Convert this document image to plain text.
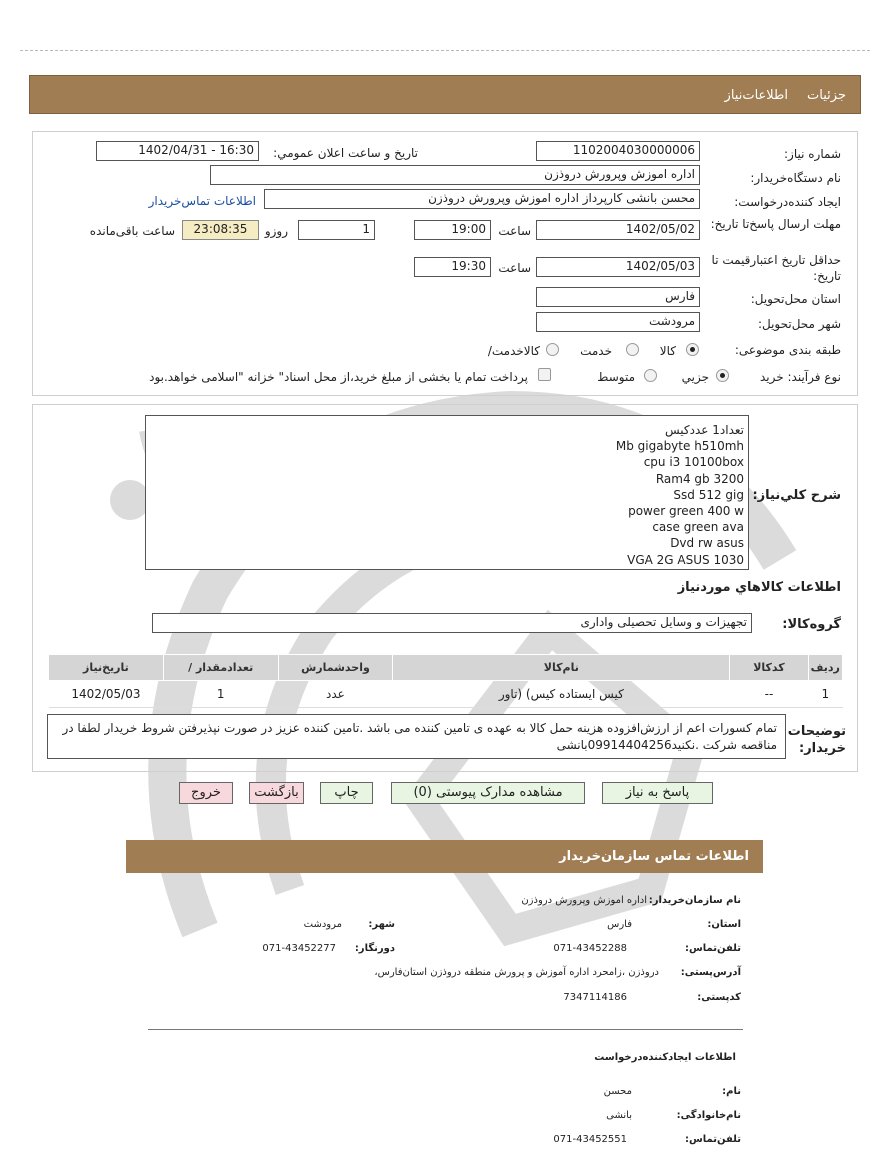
جزئیات
اطلاعات‌نیاز
شماره نیاز:
1102004030000006
تاریخ و ساعت اعلان عمومي:
1402/04/31 - 16:30
نام دستگاه‌خریدار:
اداره اموزش وپرورش دروذزن
ایجاد کننده‌درخواست:
محسن بانشی کارپرداز اداره اموزش وپرورش دروذزن
اطلاعات تماس‌خریدار
مهلت ارسال پاسخ‌تا تاریخ:
1402/05/02
ساعت
19:00
1
روزو
23:08:35
ساعت باقی‌مانده
حداقل تاریخ اعتبار‌قیمت تا تاریخ:
1402/05/03
ساعت
19:30
استان محل‌تحویل:
فارس
شهر محل‌تحویل:
مرودشت
طبقه بندی موضوعی:
کالا
خدمت
کالا‌خدمت/
نوع فرآیند: خرید
جزیي
متوسط
پرداخت تمام یا بخشی از مبلغ خرید،از محل اسناد" خزانه "اسلامی خواهد.بود
تعداد1 عددکیس
Mb gigabyte h510mh
cpu i3 10100box
Ram4 gb 3200
Ssd 512 gig
power green 400 w
case green ava
Dvd rw asus
VGA 2G ASUS 1030
شرح کلي‌نیاز:
اطلاعات کالاهاي موردنیاز
گروه‌کالا:
تجهیزات و وسایل تحصیلی واداری
ردیف	کدکالا	نام‌کالا	واحدشمارش	تعدادمقدار /	تاریخ‌نیاز
1	--	کیس ایستاده کیس) (تاور	عدد	1	1402/05/03
توضیحات خریدار:
تمام کسورات اعم از ارزش‌افزوده هزینه حمل کالا به عهده ی تامین کننده می باشد .تامین کننده عزیز در صورت نپذیرفتن شروط خریدار لطفا در مناقصه شرکت .نکنید09914404256بانشی
پاسخ به نیاز
مشاهده مدارک پیوستی (0)
چاپ
بازگشت
خروج
اطلاعات تماس سازمان‌خریدار
نام سازمان‌خریدار:
اداره اموزش وپرورش دروذزن
استان:
فارس
شهر:
مرودشت
تلفن‌تماس:
071-43452288
دورنگار:
071-43452277
آدرس‌پستی:
دروذزن ،زامحرد اداره آموزش و پرورش منطقه دروذزن استان‌فارس،
کد‌پستی:
7347114186
اطلاعات ایجادکننده‌درخواست
نام:
محسن
نام‌خانوادگی:
بانشی
تلفن‌تماس:
071-43452551
